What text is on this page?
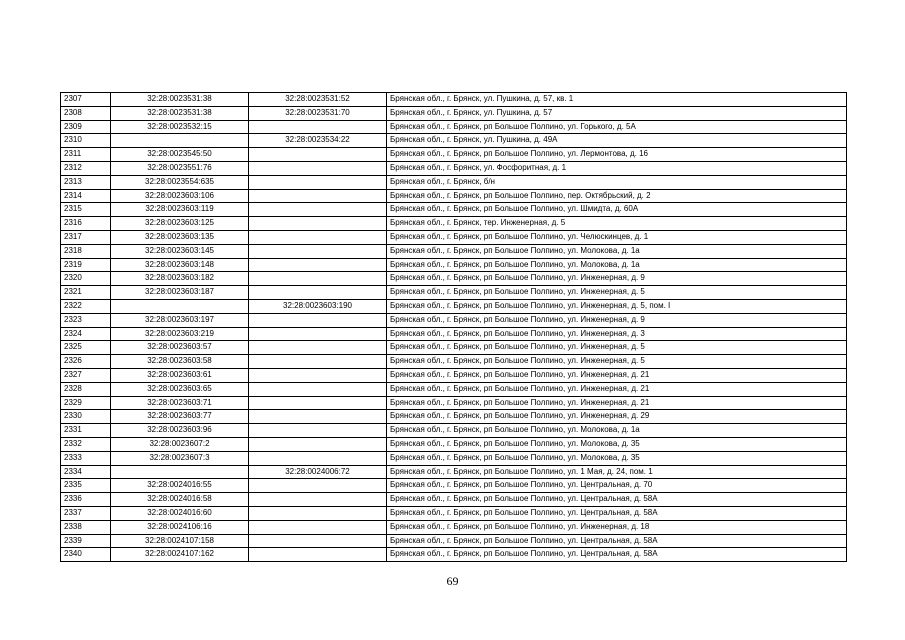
2307	32:28:0023531:38	32:28:0023531:52	Брянская обл., г. Брянск, ул. Пушкина, д. 57, кв. 1
2308	32:28:0023531:38	32:28:0023531:70	Брянская обл., г. Брянск, ул. Пушкина, д. 57
2309	32:28:0023532:15		Брянская обл., г. Брянск, рп Большое Полпино, ул. Горького, д. 5А
2310		32:28:0023534:22	Брянская обл., г. Брянск, ул. Пушкина, д. 49А
2311	32:28:0023545:50		Брянская обл., г. Брянск, рп Большое Полпино, ул. Лермонтова, д. 16
2312	32:28:0023551:76		Брянская обл., г. Брянск, ул. Фосфоритная, д. 1
2313	32:28:0023554:635		Брянская обл., г. Брянск, б/н
2314	32:28:0023603:106		Брянская обл., г. Брянск, рп Большое Полпино, пер. Октябрьский, д. 2
2315	32:28:0023603:119		Брянская обл., г. Брянск, рп Большое Полпино, ул. Шмидта, д. 60А
2316	32:28:0023603:125		Брянская обл., г. Брянск, тер. Инженерная, д. 5
2317	32:28:0023603:135		Брянская обл., г. Брянск, рп Большое Полпино, ул. Челюскинцев, д. 1
2318	32:28:0023603:145		Брянская обл., г. Брянск, рп Большое Полпино, ул. Молокова, д. 1а
2319	32:28:0023603:148		Брянская обл., г. Брянск, рп Большое Полпино, ул. Молокова, д. 1а
2320	32:28:0023603:182		Брянская обл., г. Брянск, рп Большое Полпино, ул. Инженерная, д. 9
2321	32:28:0023603:187		Брянская обл., г. Брянск, рп Большое Полпино, ул. Инженерная, д. 5
2322		32:28:0023603:190	Брянская обл., г. Брянск, рп Большое Полпино, ул. Инженерная, д. 5, пом. I
2323	32:28:0023603:197		Брянская обл., г. Брянск, рп Большое Полпино, ул. Инженерная, д. 9
2324	32:28:0023603:219		Брянская обл., г. Брянск, рп Большое Полпино, ул. Инженерная, д. 3
2325	32:28:0023603:57		Брянская обл., г. Брянск, рп Большое Полпино, ул. Инженерная, д. 5
2326	32:28:0023603:58		Брянская обл., г. Брянск, рп Большое Полпино, ул. Инженерная, д. 5
2327	32:28:0023603:61		Брянская обл., г. Брянск, рп Большое Полпино, ул. Инженерная, д. 21
2328	32:28:0023603:65		Брянская обл., г. Брянск, рп Большое Полпино, ул. Инженерная, д. 21
2329	32:28:0023603:71		Брянская обл., г. Брянск, рп Большое Полпино, ул. Инженерная, д. 21
2330	32:28:0023603:77		Брянская обл., г. Брянск, рп Большое Полпино, ул. Инженерная, д. 29
2331	32:28:0023603:96		Брянская обл., г. Брянск, рп Большое Полпино, ул. Молокова, д. 1а
2332	32:28:0023607:2		Брянская обл., г. Брянск, рп Большое Полпино, ул. Молокова, д. 35
2333	32:28:0023607:3		Брянская обл., г. Брянск, рп Большое Полпино, ул. Молокова, д. 35
2334		32:28:0024006:72	Брянская обл., г. Брянск, рп Большое Полпино, ул. 1 Мая, д. 24, пом. 1
2335	32:28:0024016:55		Брянская обл., г. Брянск, рп Большое Полпино, ул. Центральная, д. 70
2336	32:28:0024016:58		Брянская обл., г. Брянск, рп Большое Полпино, ул. Центральная, д. 58А
2337	32:28:0024016:60		Брянская обл., г. Брянск, рп Большое Полпино, ул. Центральная, д. 58А
2338	32:28:0024106:16		Брянская обл., г. Брянск, рп Большое Полпино, ул. Инженерная, д. 18
2339	32:28:0024107:158		Брянская обл., г. Брянск, рп Большое Полпино, ул. Центральная, д. 58А
2340	32:28:0024107:162		Брянская обл., г. Брянск, рп Большое Полпино, ул. Центральная, д. 58А
69
